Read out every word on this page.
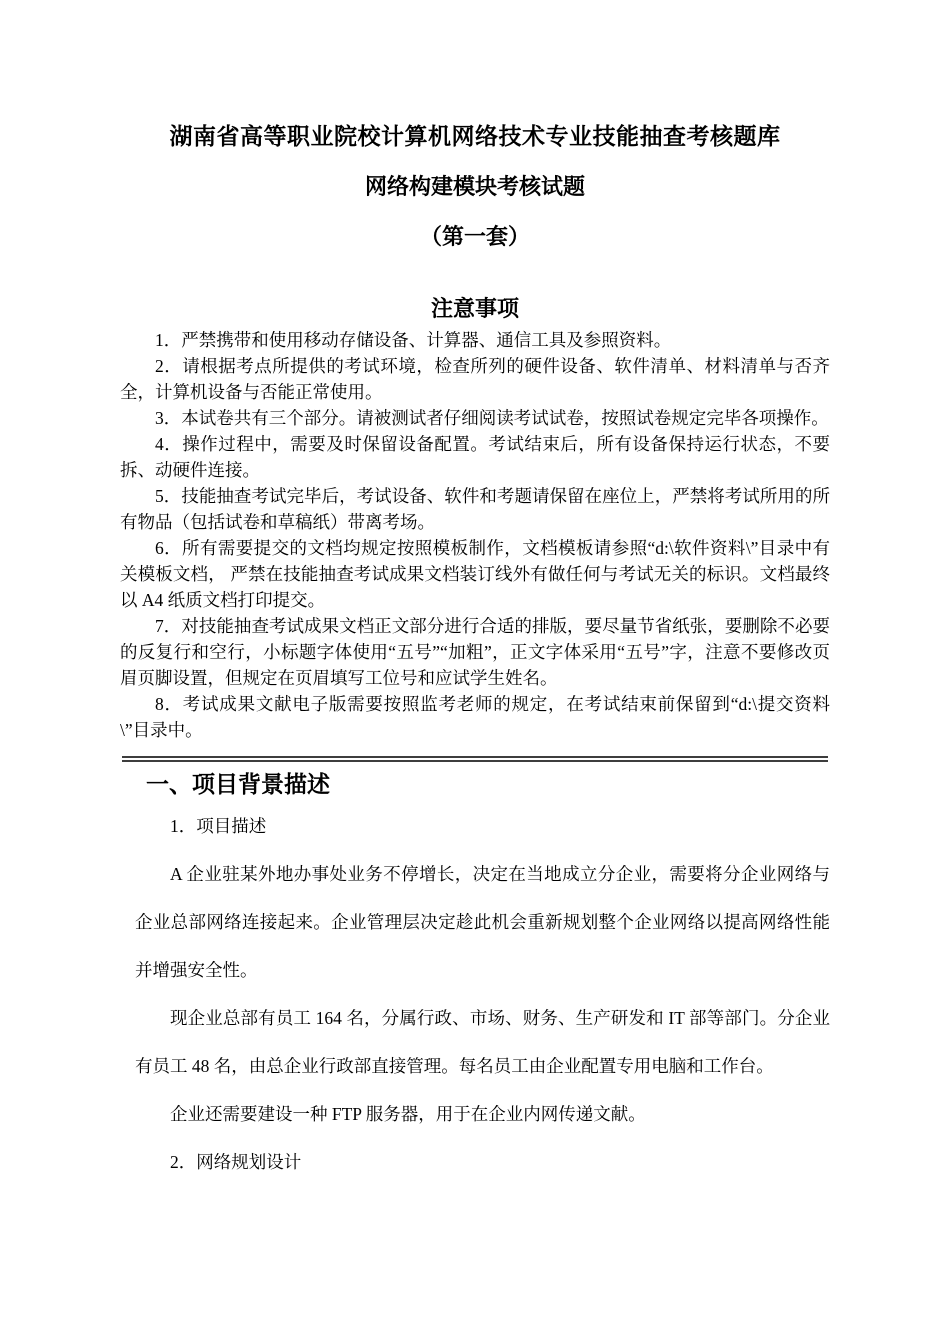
湖南省高等职业院校计算机网络技术专业技能抽查考核题库
网络构建模块考核试题
（第一套）
注意事项

1．严禁携带和使用移动存储设备、计算器、通信工具及参照资料。

2．请根据考点所提供的考试环境，检查所列的硬件设备、软件清单、材料清单与否齐全，计算机设备与否能正常使用。

3．本试卷共有三个部分。请被测试者仔细阅读考试试卷，按照试卷规定完毕各项操作。

4．操作过程中，需要及时保留设备配置。考试结束后，所有设备保持运行状态，不要拆、动硬件连接。

5．技能抽查考试完毕后，考试设备、软件和考题请保留在座位上，严禁将考试所用的所有物品（包括试卷和草稿纸）带离考场。

6．所有需要提交的文档均规定按照模板制作，文档模板请参照“d:\软件资料\”目录中有关模板文档， 严禁在技能抽查考试成果文档装订线外有做任何与考试无关的标识。文档最终以 A4 纸质文档打印提交。

7．对技能抽查考试成果文档正文部分进行合适的排版，要尽量节省纸张，要删除不必要的反复行和空行，小标题字体使用“五号”“加粗”，正文字体采用“五号”字，注意不要修改页眉页脚设置，但规定在页眉填写工位号和应试学生姓名。

8．考试成果文献电子版需要按照监考老师的规定，在考试结束前保留到“d:\提交资料\”目录中。

一、项目背景描述

1．项目描述

A 企业驻某外地办事处业务不停增长，决定在当地成立分企业，需要将分企业网络与企业总部网络连接起来。企业管理层决定趁此机会重新规划整个企业网络以提高网络性能并增强安全性。

现企业总部有员工 164 名，分属行政、市场、财务、生产研发和 IT 部等部门。分企业有员工 48 名，由总企业行政部直接管理。每名员工由企业配置专用电脑和工作台。

企业还需要建设一种 FTP 服务器，用于在企业内网传递文献。

2．网络规划设计
